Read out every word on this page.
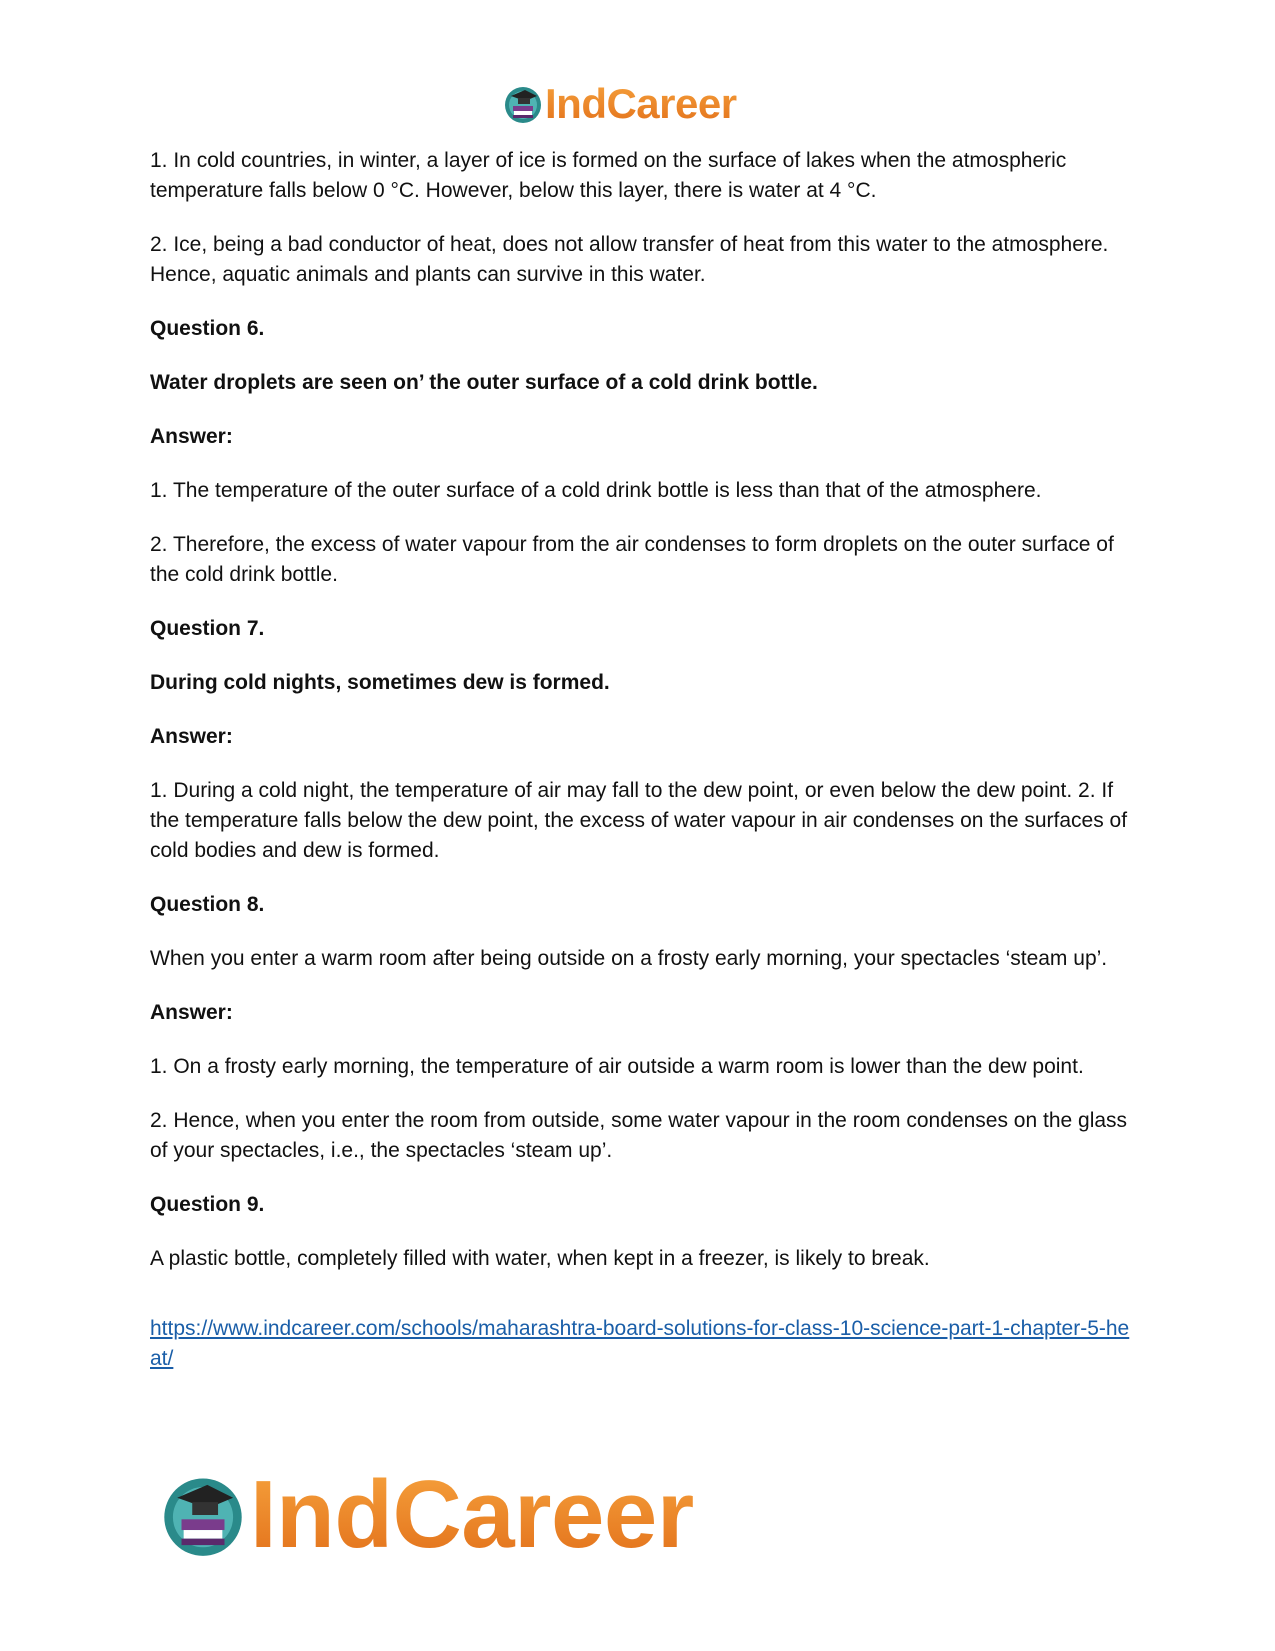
IndCareer

1. In cold countries, in winter, a layer of ice is formed on the surface of lakes when the atmospheric temperature falls below 0 °C. However, below this layer, there is water at 4 °C.

2. Ice, being a bad conductor of heat, does not allow transfer of heat from this water to the atmosphere. Hence, aquatic animals and plants can survive in this water.

Question 6.

Water droplets are seen on’ the outer surface of a cold drink bottle.

Answer:

1. The temperature of the outer surface of a cold drink bottle is less than that of the atmosphere.

2. Therefore, the excess of water vapour from the air condenses to form droplets on the outer surface of the cold drink bottle.

Question 7.

During cold nights, sometimes dew is formed.

Answer:

1. During a cold night, the temperature of air may fall to the dew point, or even below the dew point. 2. If the temperature falls below the dew point, the excess of water vapour in air condenses on the surfaces of cold bodies and dew is formed.

Question 8.

When you enter a warm room after being outside on a frosty early morning, your spectacles ‘steam up’.

Answer:

1. On a frosty early morning, the temperature of air outside a warm room is lower than the dew point.

2. Hence, when you enter the room from outside, some water vapour in the room condenses on the glass of your spectacles, i.e., the spectacles ‘steam up’.

Question 9.

A plastic bottle, completely filled with water, when kept in a freezer, is likely to break.

https://www.indcareer.com/schools/maharashtra-board-solutions-for-class-10-science-part-1-chapter-5-heat/
IndCareer
